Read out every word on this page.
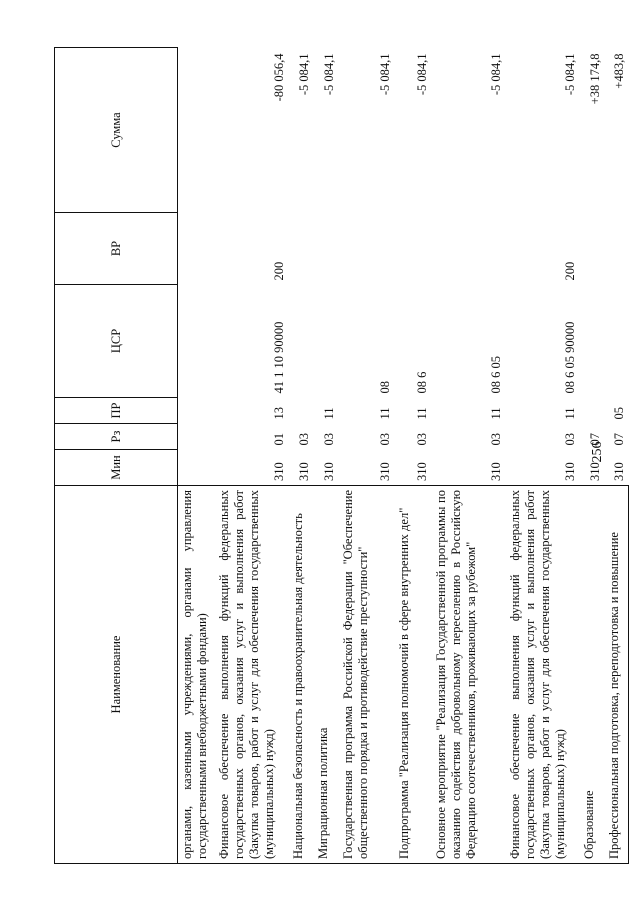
256
Наименование	Мин	Рз	ПР	ЦСР	ВР	Сумма
органами, казенными учреждениями, органами управления государственными внебюджетными фондами)						
Финансовое обеспечение выполнения функций федеральных государственных органов, оказания услуг и выполнения работ (Закупка товаров, работ и услуг для обеспечения государственных (муниципальных) нужд)	310	01	13	41 1 10 90000	200	-80 056,4
Национальная безопасность и правоохранительная деятельность	310	03				-5 084,1
Миграционная политика	310	03	11			-5 084,1
Государственная программа Российской Федерации "Обеспечение общественного порядка и противодействие преступности"	310	03	11	08		-5 084,1
Подпрограмма "Реализация полномочий в сфере внутренних дел"	310	03	11	08 6		-5 084,1
Основное мероприятие "Реализация Государственной программы по оказанию содействия добровольному переселению в Российскую Федерацию соотечественников, проживающих за рубежом"	310	03	11	08 6 05		-5 084,1
Финансовое обеспечение выполнения функций федеральных государственных органов, оказания услуг и выполнения работ (Закупка товаров, работ и услуг для обеспечения государственных (муниципальных) нужд)	310	03	11	08 6 05 90000	200	-5 084,1
Образование	310	07				+38 174,8
Профессиональная подготовка, переподготовка и повышение	310	07	05			+483,8
